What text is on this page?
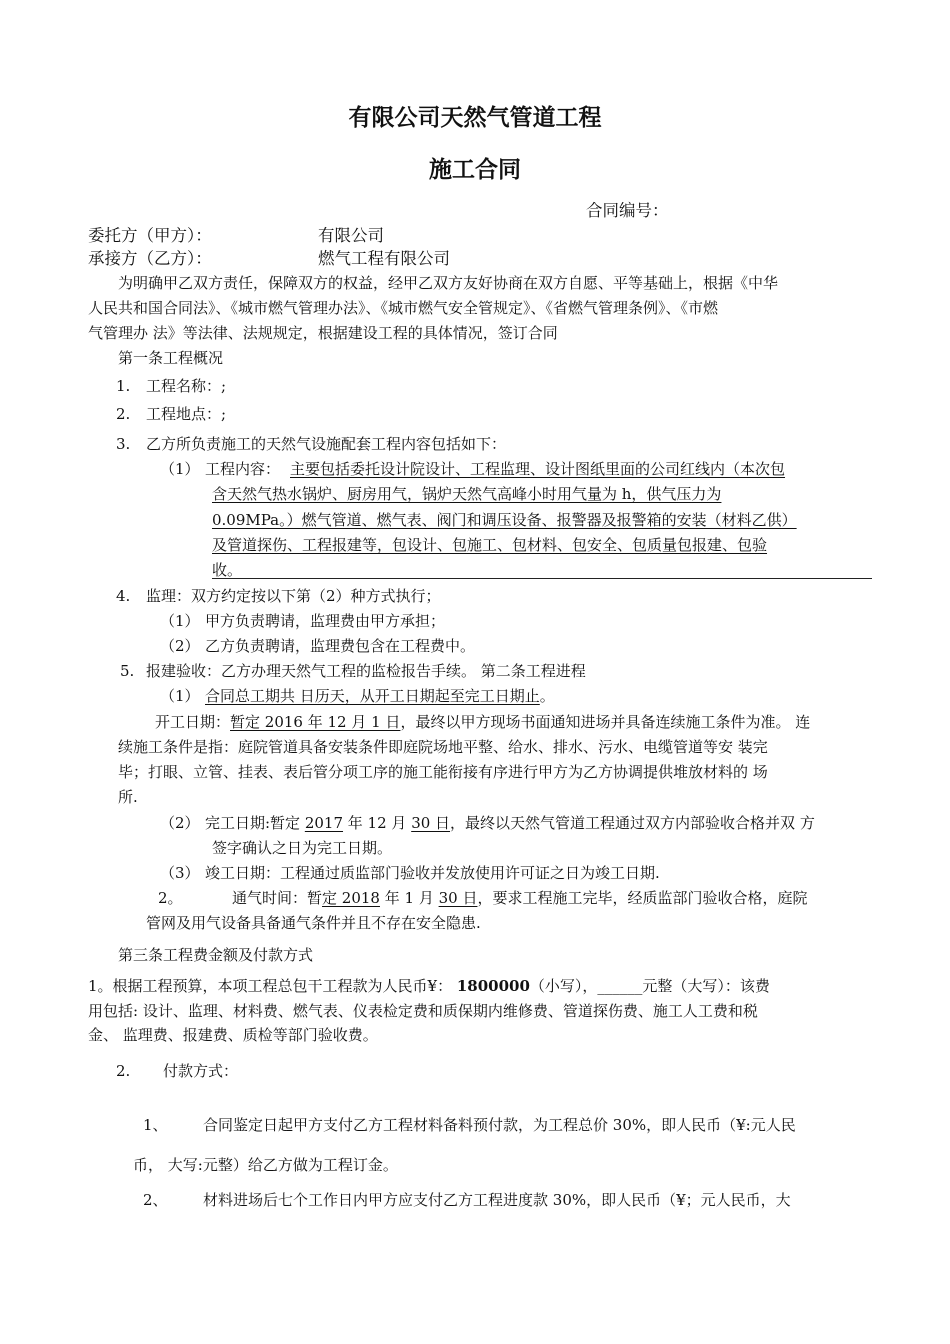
有限公司天然气管道工程
施工合同
合同编号：
委托方（甲方）：	有限公司
承接方（乙方）：	燃气工程有限公司
为明确甲乙双方责任，保障双方的权益，经甲乙双方友好协商在双方自愿、平等基础上，根据《中华
人民共和国合同法》、《城市燃气管理办法》、《城市燃气安全管规定》、《省燃气管理条例》、《市燃
气管理办 法》等法律、法规规定，根据建设工程的具体情况，签订合同
第一条工程概况
1. 工程名称：;
2. 工程地点：;
3. 乙方所负责施工的天然气设施配套工程内容包括如下：
（1） 工程内容： 主要包括委托设计院设计、工程监理、设计图纸里面的公司红线内（本次包
含天然气热水锅炉、厨房用气，锅炉天然气高峰小时用气量为 h，供气压力为
0.09MPa。）燃气管道、燃气表、阀门和调压设备、报警器及报警箱的安装（材料乙供）
及管道探伤、工程报建等，包设计、包施工、包材料、包安全、包质量包报建、包验
收。
4. 监理：双方约定按以下第（2）种方式执行；
（1） 甲方负责聘请，监理费由甲方承担；
（2） 乙方负责聘请，监理费包含在工程费中。
5. 报建验收：乙方办理天然气工程的监检报告手续。 第二条工程进程
（1） 合同总工期共 日历天，从开工日期起至完工日期止。
开工日期：暂定 2016 年 12 月 1 日，最终以甲方现场书面通知进场并具备连续施工条件为准。 连
续施工条件是指：庭院管道具备安装条件即庭院场地平整、给水、排水、污水、电缆管道等安 装完
毕；打眼、立管、挂表、表后管分项工序的施工能衔接有序进行甲方为乙方协调提供堆放材料的 场
所.
（2） 完工日期:暂定 2017 年 12 月 30 日，最终以天然气管道工程通过双方内部验收合格并双 方
签字确认之日为完工日期。
（3） 竣工日期：工程通过质监部门验收并发放使用许可证之日为竣工日期.
2。	通气时间：暂定 2018 年 1 月 30 日，要求工程施工完毕，经质监部门验收合格，庭院
管网及用气设备具备通气条件并且不存在安全隐患.
第三条工程费金额及付款方式
1。根据工程预算，本项工程总包干工程款为人民币¥： 1800000（小写），______元整（大写）：该费
用包括: 设计、监理、材料费、燃气表、仪表检定费和质保期内维修费、管道探伤费、施工人工费和税
金、 监理费、报建费、质检等部门验收费。
2. 付款方式：
1、 合同鉴定日起甲方支付乙方工程材料备料预付款，为工程总价 30%，即人民币（¥:元人民
币， 大写:元整）给乙方做为工程订金。
2、 材料进场后七个工作日内甲方应支付乙方工程进度款 30%，即人民币（¥；元人民币，大
